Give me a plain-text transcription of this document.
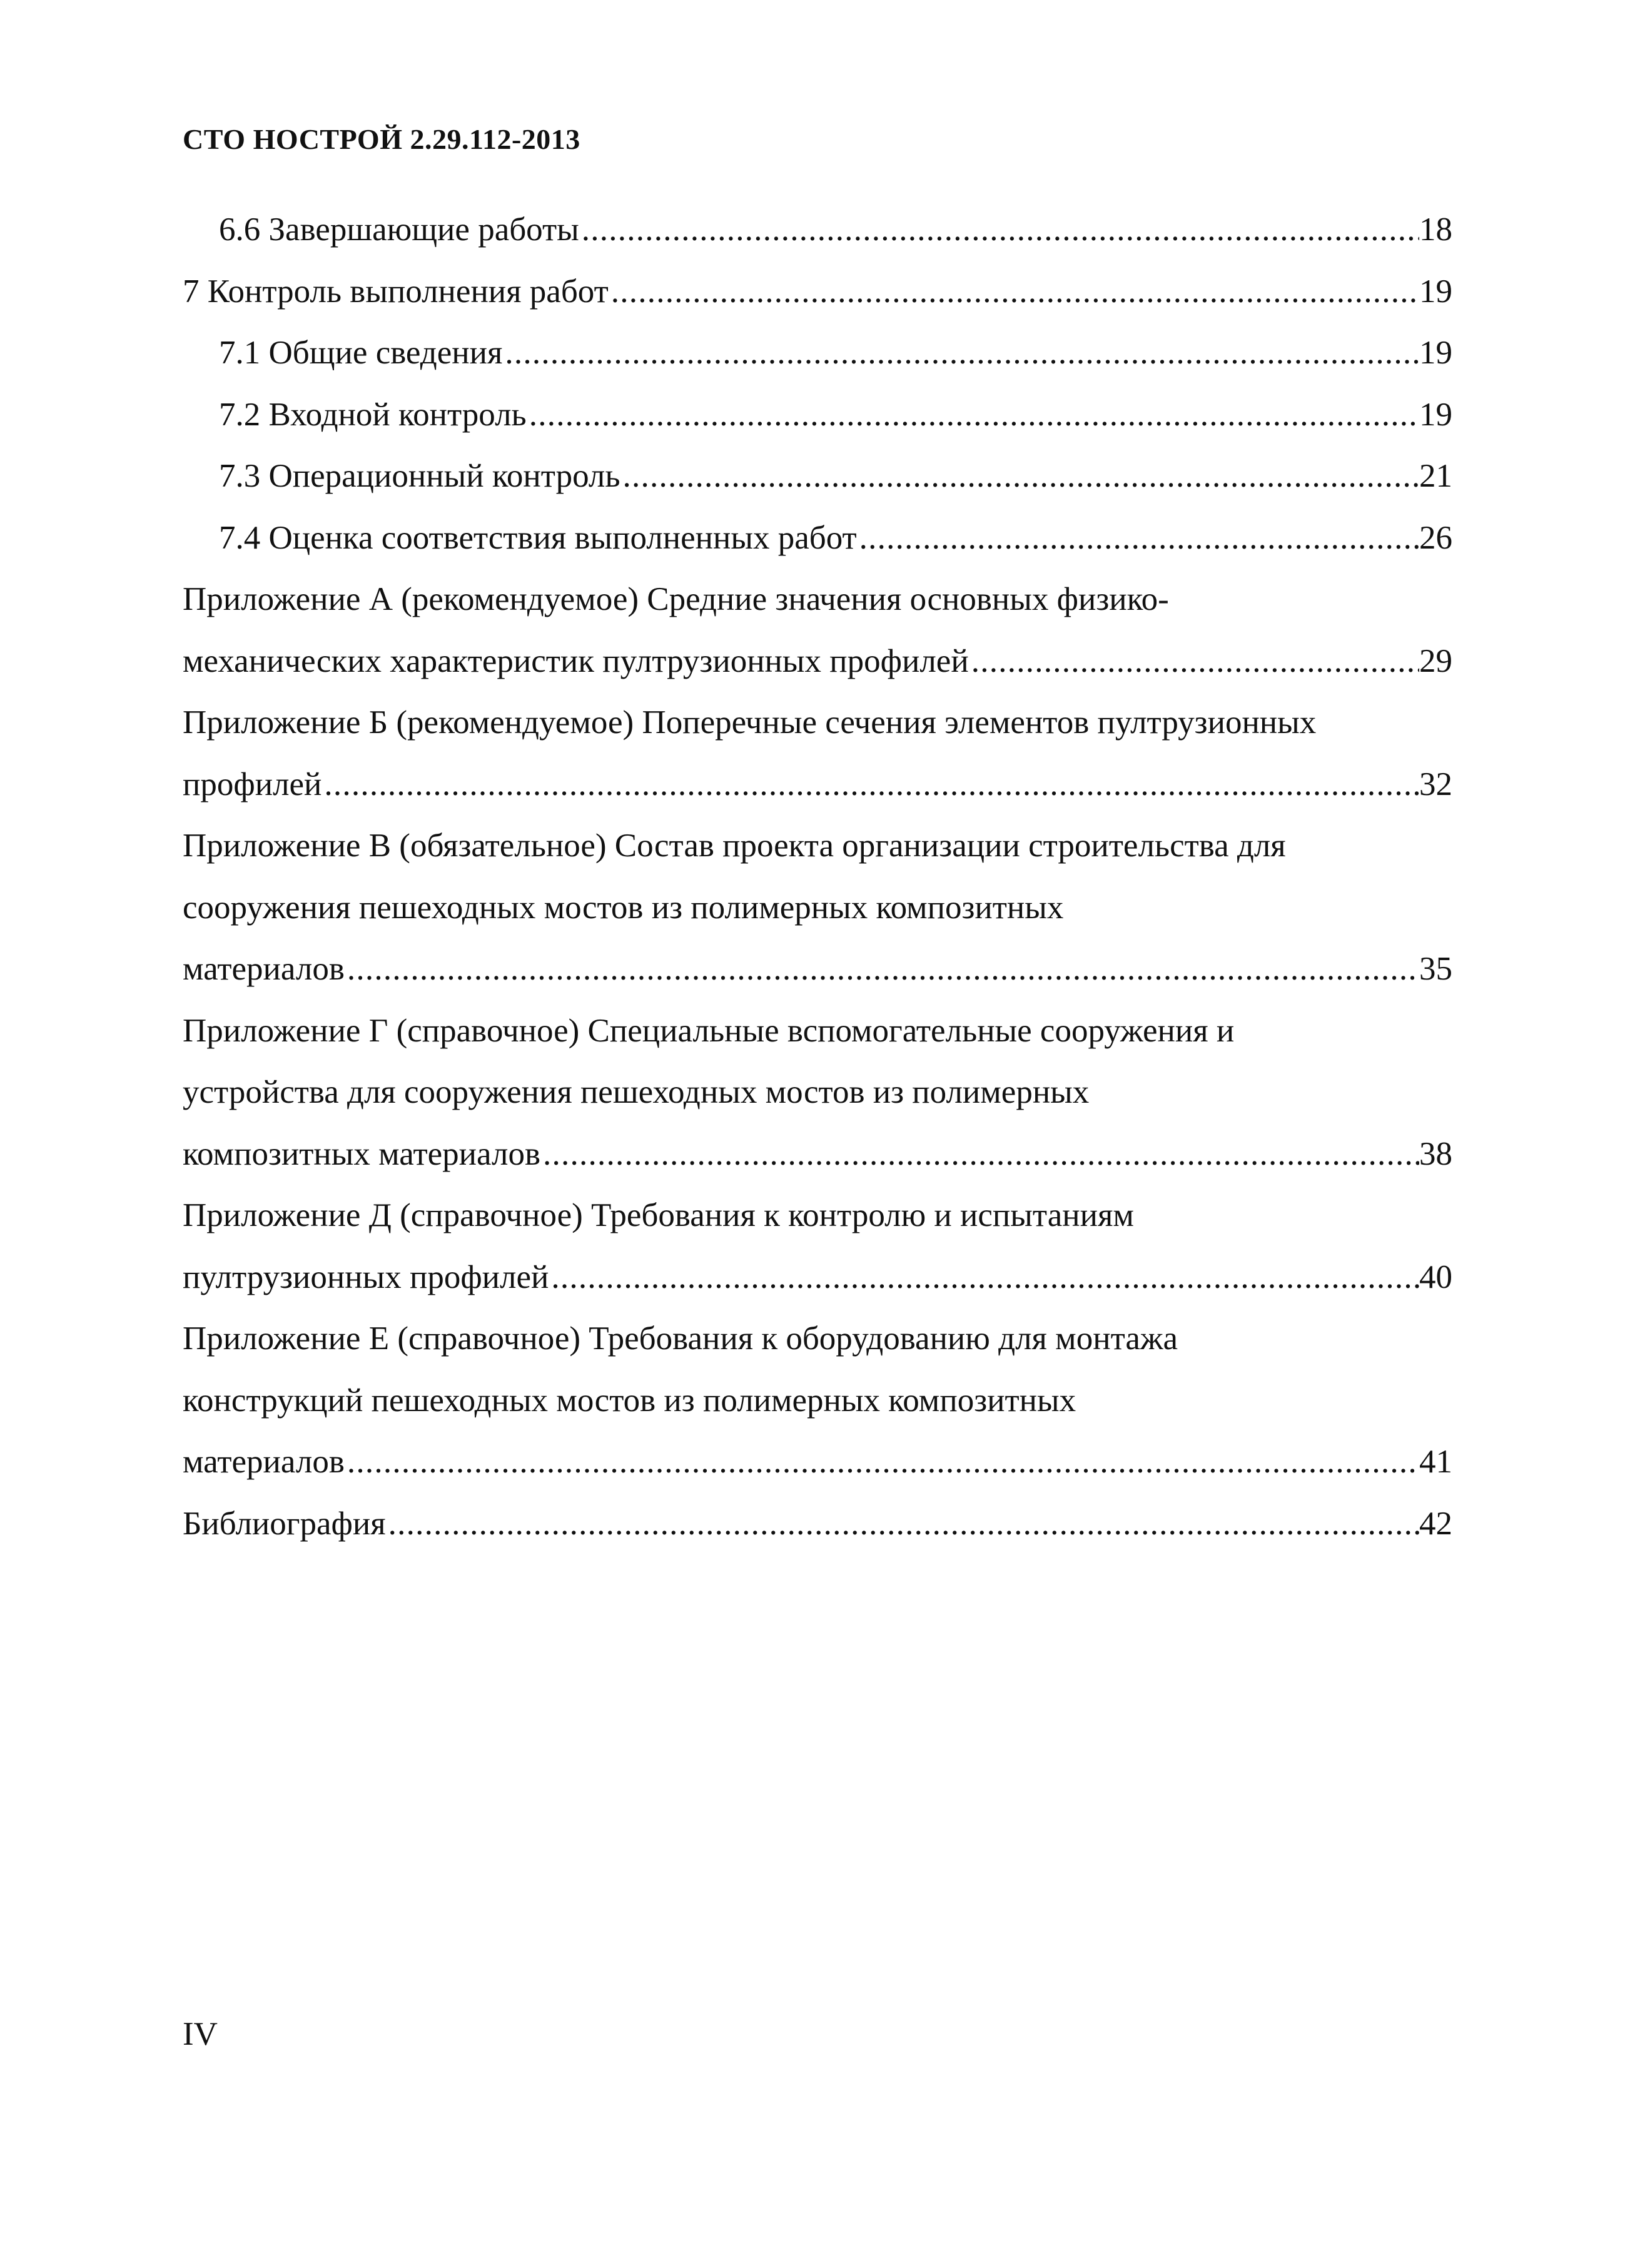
СТО НОСТРОЙ 2.29.112-2013
6.6 Завершающие работы . . .	18
7 Контроль выполнения работ . . .	19
7.1 Общие сведения . . .	19
7.2 Входной контроль . . .	19
7.3 Операционный контроль . . .	21
7.4 Оценка соответствия выполненных работ . . .	26
Приложение А (рекомендуемое) Средние значения основных физико-
механических характеристик пултрузионных профилей . . .	29
Приложение Б (рекомендуемое) Поперечные сечения элементов пултрузионных
профилей . . .	32
Приложение В (обязательное) Состав проекта организации строительства для
сооружения пешеходных мостов из полимерных композитных
материалов . . .	35
Приложение Г (справочное) Специальные вспомогательные сооружения и
устройства для сооружения пешеходных мостов из полимерных
композитных материалов . . .	38
Приложение Д (справочное) Требования к контролю и испытаниям
пултрузионных профилей . . .	40
Приложение Е (справочное) Требования к оборудованию для монтажа
конструкций пешеходных мостов из полимерных композитных
материалов . . .	41
Библиография . . .	42
IV
